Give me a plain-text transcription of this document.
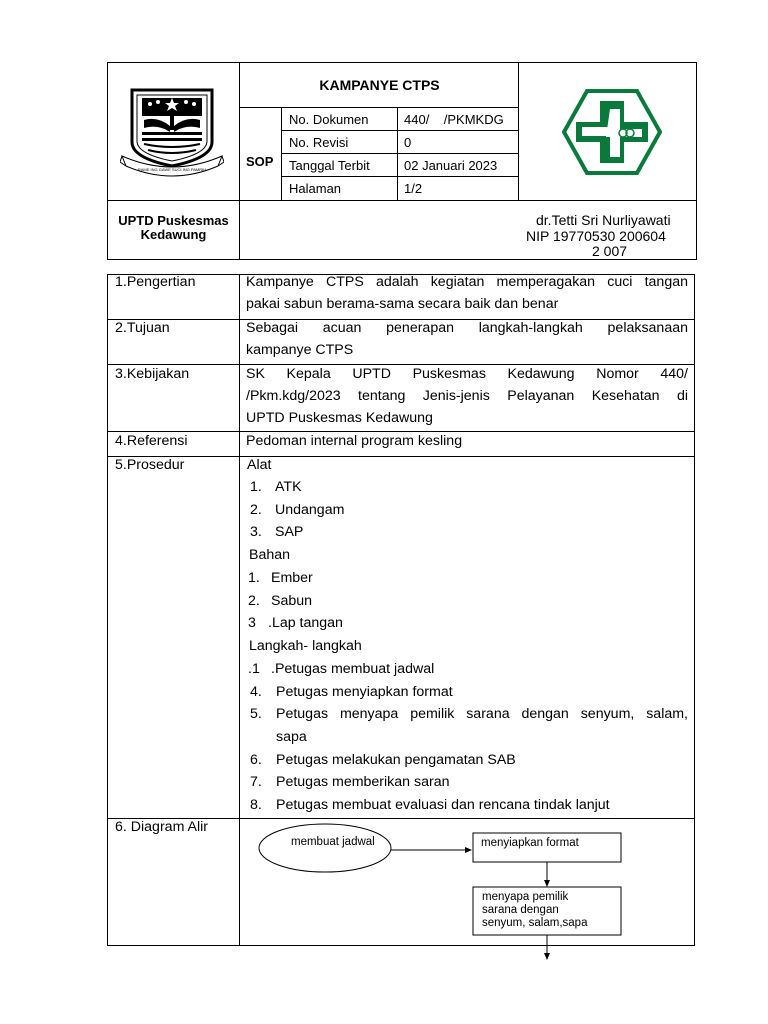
RAME ING GAWE SUCI ING PAMRIH
KAMPANYE CTPS
SOP
No. Dokumen	440/    /PKMKDG
No. Revisi	0
Tanggal Terbit	02 Januari 2023
Halaman	1/2
UPTD Puskesmas
Kedawung
dr.Tetti Sri Nurliyawati
NIP 19770530 200604
2 007
1.Pengertian	Kampanye CTPS adalah kegiatan memperagakan cuci tangan
pakai sabun berama-sama secara baik dan benar
2.Tujuan	Sebagai acuan penerapan langkah-langkah pelaksanaan
kampanye CTPS
3.Kebijakan	SK Kepala UPTD Puskesmas Kedawung Nomor 440/
/Pkm.kdg/2023 tentang Jenis-jenis Pelayanan Kesehatan di
UPTD Puskesmas Kedawung
4.Referensi	Pedoman internal program kesling
5.Prosedur	Alat
1. ATK
2. Undangam
3. SAP
Bahan
1. Ember
2. Sabun
3 .Lap tangan
Langkah- langkah
.1 .Petugas membuat jadwal
4. Petugas menyiapkan format
5. Petugas menyapa pemilik sarana dengan senyum, salam,
sapa
6. Petugas melakukan pengamatan SAB
7. Petugas memberikan saran
8. Petugas membuat evaluasi dan rencana tindak lanjut
6. Diagram Alir
membuat jadwal	menyiapkan format
menyapa pemilik
sarana dengan
senyum, salam,sapa
